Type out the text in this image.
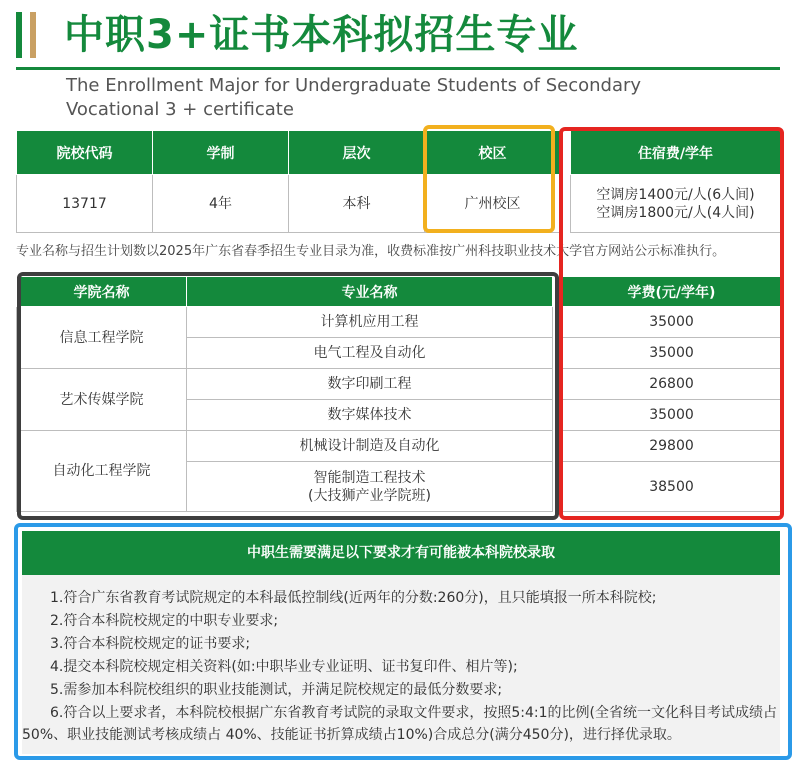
中职3+证书本科拟招生专业
The Enrollment Major for Undergraduate Students of Secondary Vocational 3 + certificate
院校代码	学制	层次	校区		住宿费/学年
13717	4年	本科	广州校区		空调房1400元/人(6人间)
空调房1800元/人(4人间)
专业名称与招生计划数以2025年广东省春季招生专业目录为准，收费标准按广州科技职业技术大学官方网站公示标准执行。
学院名称	专业名称		学费(元/学年)
信息工程学院	计算机应用工程		35000
	电气工程及自动化		35000
艺术传媒学院	数字印刷工程		26800
	数字媒体技术		35000
自动化工程学院	机械设计制造及自动化		29800

	智能制造工程技术
(大技狮产业学院班)		38500
中职生需要满足以下要求才有可能被本科院校录取
1.符合广东省教育考试院规定的本科最低控制线(近两年的分数:260分)，且只能填报一所本科院校;
2.符合本科院校规定的中职专业要求;
3.符合本科院校规定的证书要求;
4.提交本科院校规定相关资料(如:中职毕业专业证明、证书复印件、相片等);
5.需参加本科院校组织的职业技能测试，并满足院校规定的最低分数要求;
6.符合以上要求者，本科院校根据广东省教育考试院的录取文件要求，按照5:4:1的比例(全省统一文化科目考试成绩占50%、职业技能测试考核成绩占 40%、技能证书折算成绩占10%)合成总分(满分450分)，进行择优录取。
